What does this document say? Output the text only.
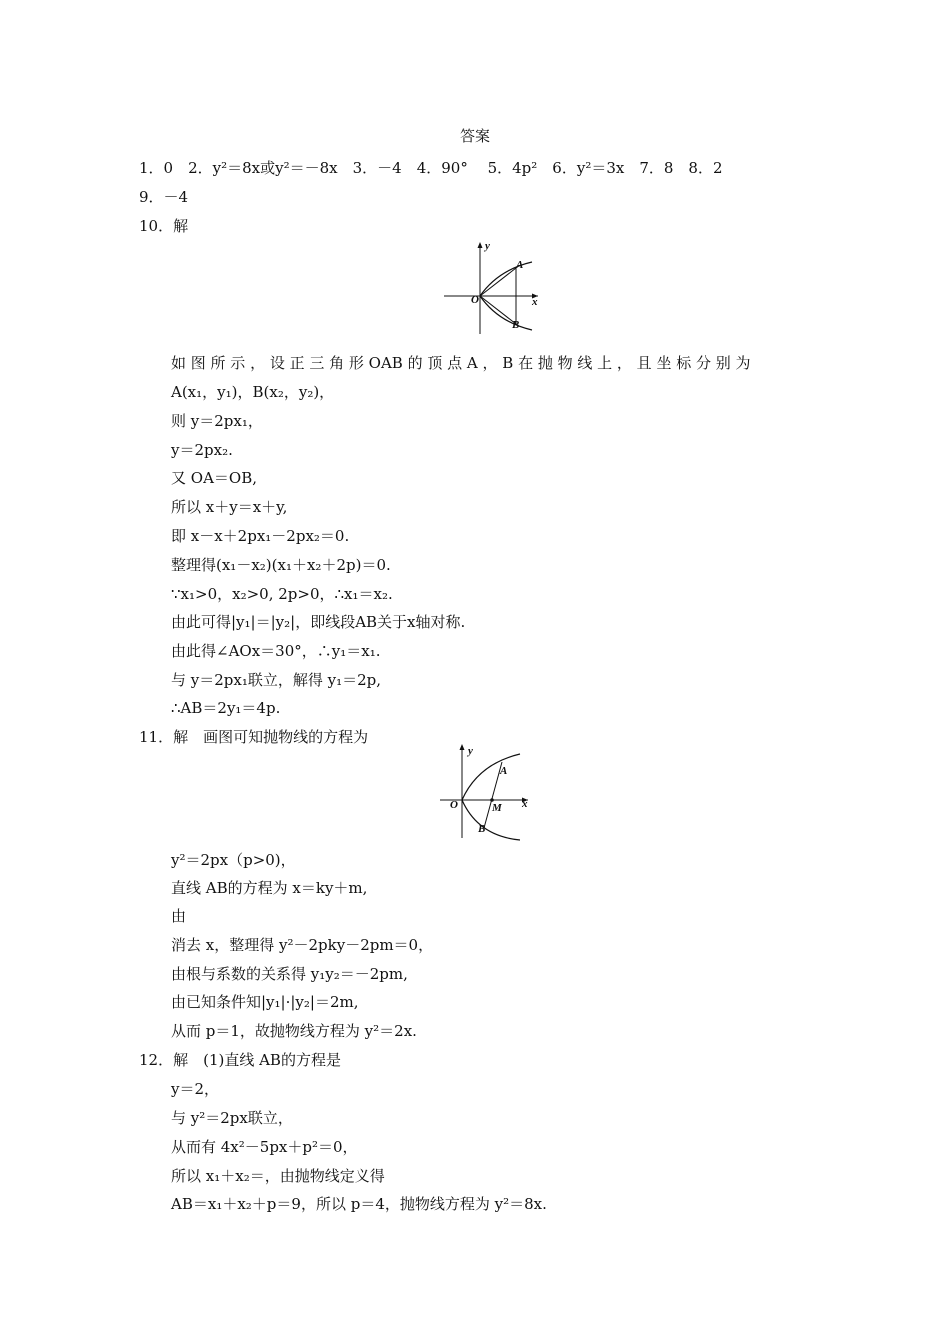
答案
1．0　2．y²＝8x或y²＝－8x　3．－4　4．90°　 5．4p²　6．y²＝3x　7．8　8．2
9．－4
10．解
y
A
O	x
B
如 图 所 示 ， 设 正 三 角 形 OAB 的 顶 点 A ， B 在 抛 物 线 上 ， 且 坐 标 分 别 为
A(x₁，y₁)，B(x₂，y₂)，
则 y＝2px₁，
y＝2px₂.
又 OA＝OB,
所以 x＋y＝x＋y,
即 x－x＋2px₁－2px₂＝0.
整理得(x₁－x₂)(x₁＋x₂＋2p)＝0.
∵x₁>0，x₂>0, 2p>0，∴x₁＝x₂.
由此可得|y₁|＝|y₂|，即线段AB关于x轴对称.
由此得∠AOx＝30°，∴y₁＝x₁.
与 y＝2px₁联立，解得 y₁＝2p,
∴AB＝2y₁＝4p.
11．解　画图可知抛物线的方程为
y
A
O	M x
B
y²＝2px（p>0)，
直线 AB的方程为 x＝ky＋m,
由
消去 x，整理得 y²－2pky－2pm＝0，
由根与系数的关系得 y₁y₂＝－2pm,
由已知条件知|y₁|·|y₂|＝2m,
从而 p＝1，故抛物线方程为 y²＝2x.
12．解　(1)直线 AB的方程是
y＝2，
与 y²＝2px联立，
从而有 4x²－5px＋p²＝0，
所以 x₁＋x₂＝，由抛物线定义得
AB＝x₁＋x₂＋p＝9，所以 p＝4，抛物线方程为 y²＝8x.
